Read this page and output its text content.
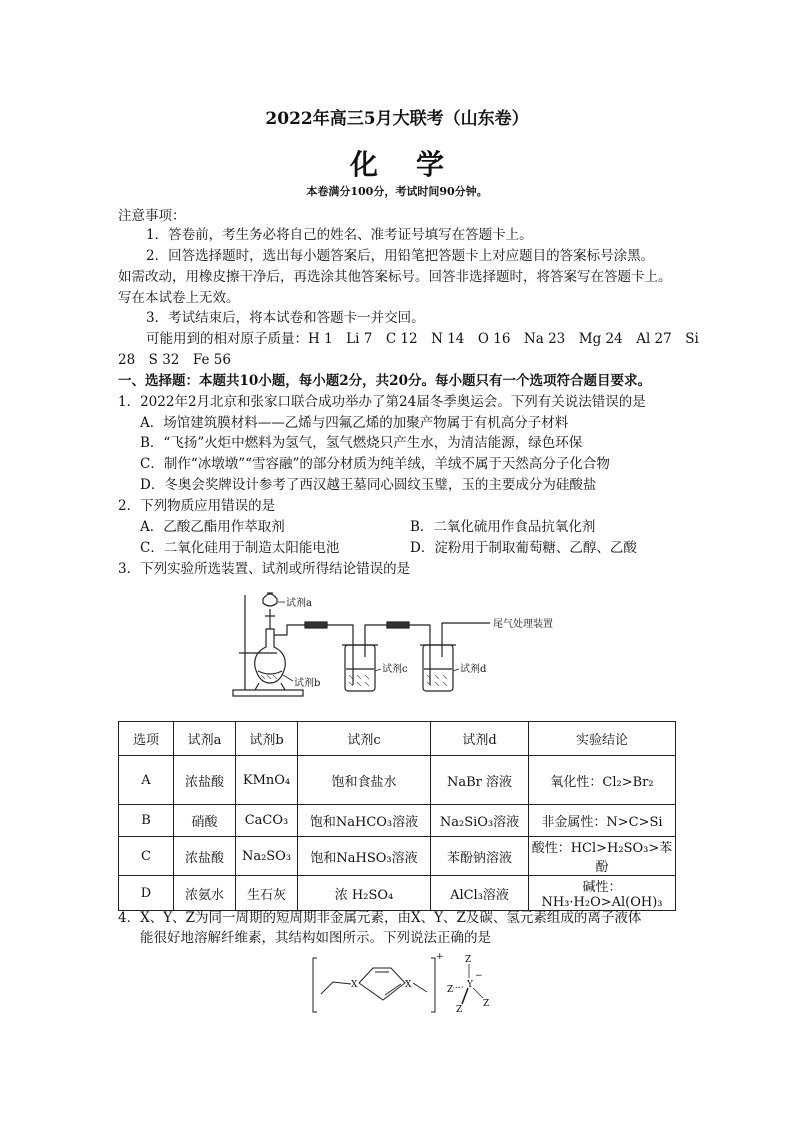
2022年高三5月大联考（山东卷）
化学
本卷满分100分，考试时间90分钟。
注意事项：
1．答卷前，考生务必将自己的姓名、准考证号填写在答题卡上。
2．回答选择题时，选出每小题答案后，用铅笔把答题卡上对应题目的答案标号涂黑。
如需改动，用橡皮擦干净后，再选涂其他答案标号。回答非选择题时，将答案写在答题卡上。
写在本试卷上无效。
3．考试结束后，将本试卷和答题卡一并交回。
可能用到的相对原子质量：H 1　Li 7　C 12　N 14　O 16　Na 23　Mg 24　Al 27　Si
28　S 32　Fe 56
一、选择题：本题共10小题，每小题2分，共20分。每小题只有一个选项符合题目要求。
1．2022年2月北京和张家口联合成功举办了第24届冬季奥运会。下列有关说法错误的是
A．场馆建筑膜材料——乙烯与四氟乙烯的加聚产物属于有机高分子材料
B．“飞扬”火炬中燃料为氢气，氢气燃烧只产生水，为清洁能源，绿色环保
C．制作“冰墩墩”“雪容融”的部分材质为纯羊绒，羊绒不属于天然高分子化合物
D．冬奥会奖牌设计参考了西汉越王墓同心圆纹玉璧，玉的主要成分为硅酸盐
2．下列物质应用错误的是
A．乙酸乙酯用作萃取剂	B．二氧化硫用作食品抗氧化剂
C．二氧化硅用于制造太阳能电池	D．淀粉用于制取葡萄糖、乙醇、乙酸
3．下列实验所选装置、试剂或所得结论错误的是
试剂a
试剂b
试剂c	试剂d
尾气处理装置
选项	试剂a	试剂b	试剂c	试剂d	实验结论
A	浓盐酸	KMnO₄	饱和食盐水	NaBr 溶液	氧化性：Cl₂>Br₂
B	硝酸	CaCO₃	饱和NaHCO₃溶液	Na₂SiO₃溶液	非金属性：N>C>Si
C	浓盐酸	Na₂SO₃	饱和NaHSO₃溶液	苯酚钠溶液	酸性：HCl>H₂SO₃>苯酚
D	浓氨水	生石灰	浓 H₂SO₄	AlCl₃溶液	碱性：NH₃·H₂O>Al(OH)₃
4．X、Y、Z为同一周期的短周期非金属元素，由X、Y、Z及碳、氢元素组成的离子液体
能很好地溶解纤维素，其结构如图所示。下列说法正确的是
X	X
+ Z
Y
−
Z
Z
Z
